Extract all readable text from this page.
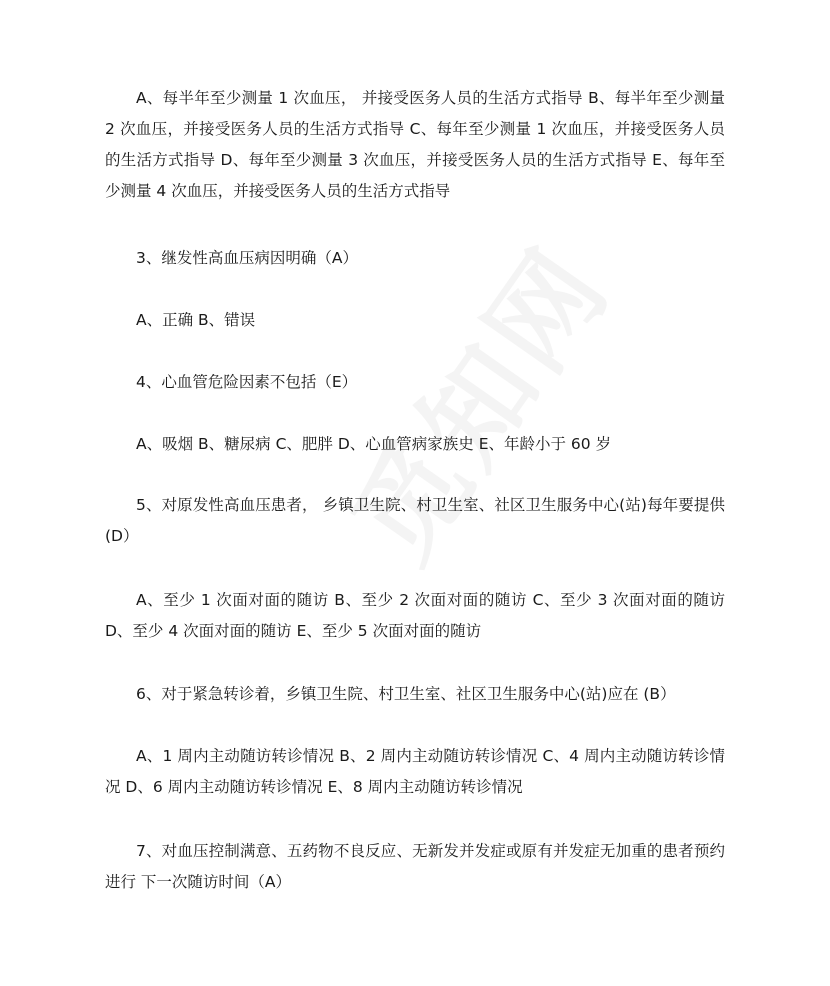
A、每半年至少测量 1 次血压， 并接受医务人员的生活方式指导 B、每半年至少测量 2 次血压，并接受医务人员的生活方式指导 C、每年至少测量 1 次血压，并接受医务人员的生活方式指导 D、每年至少测量 3 次血压，并接受医务人员的生活方式指导 E、每年至少测量 4 次血压，并接受医务人员的生活方式指导

3、继发性高血压病因明确（A）

A、正确 B、错误

4、心血管危险因素不包括（E）

A、吸烟 B、糖尿病 C、肥胖 D、心血管病家族史 E、年龄小于 60 岁

5、对原发性高血压患者， 乡镇卫生院、村卫生室、社区卫生服务中心(站)每年要提供(D）

A、至少 1 次面对面的随访 B、至少 2 次面对面的随访 C、至少 3 次面对面的随访 D、至少 4 次面对面的随访 E、至少 5 次面对面的随访

6、对于紧急转诊着，乡镇卫生院、村卫生室、社区卫生服务中心(站)应在 (B）

A、1 周内主动随访转诊情况 B、2 周内主动随访转诊情况 C、4 周内主动随访转诊情况 D、6 周内主动随访转诊情况 E、8 周内主动随访转诊情况

7、对血压控制满意、五药物不良反应、无新发并发症或原有并发症无加重的患者预约进行 下一次随访时间（A）
